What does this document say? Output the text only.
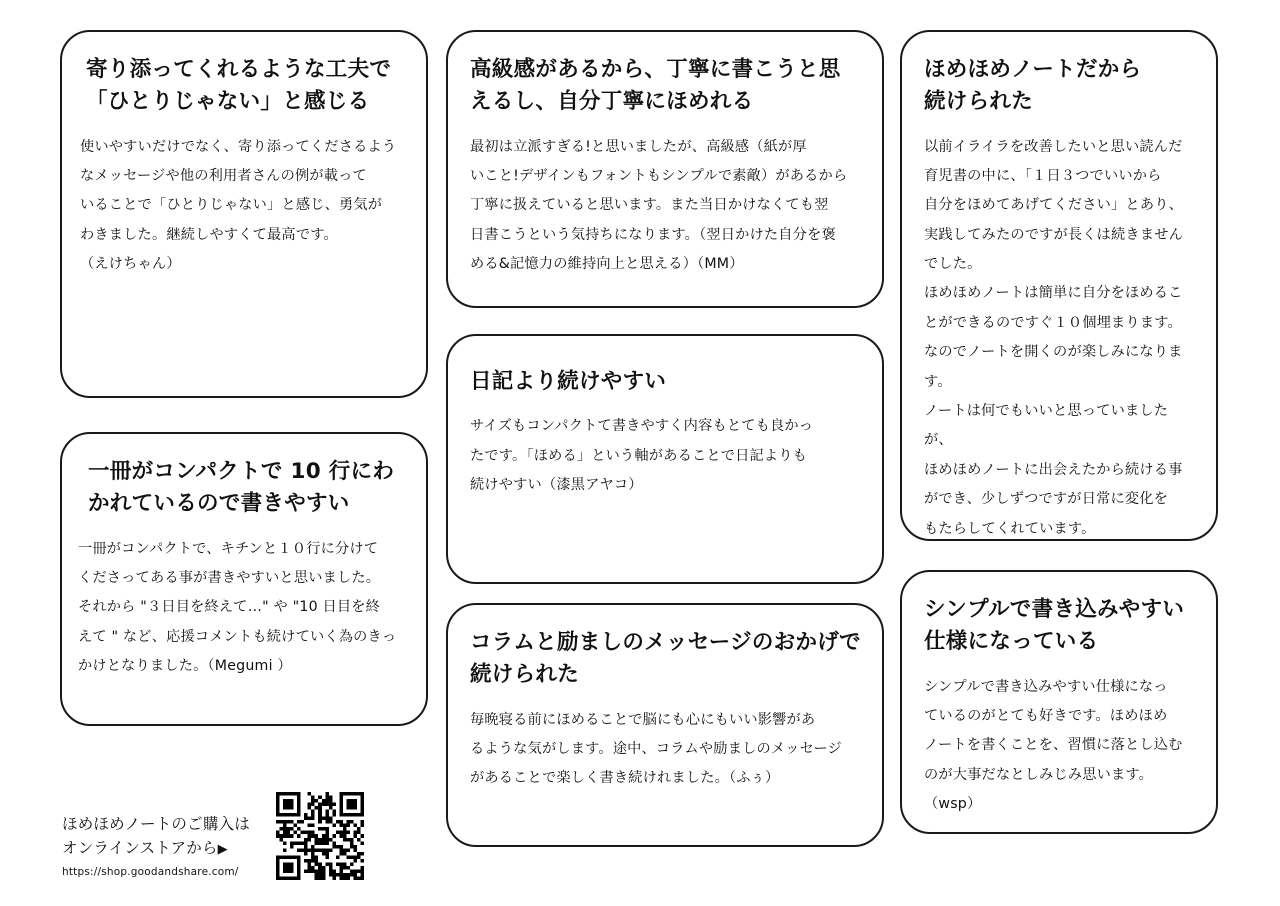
寄り添ってくれるような工夫で
「ひとりじゃない」と感じる

使いやすいだけでなく、寄り添ってくださるよう
なメッセージや他の利用者さんの例が載って
いることで「ひとりじゃない」と感じ、勇気が
わきました。継続しやすくて最高です。
（えけちゃん）

高級感があるから、丁寧に書こうと思
えるし、自分丁寧にほめれる

最初は立派すぎる!と思いましたが、高級感（紙が厚
いこと!デザインもフォントもシンプルで素敵）があるから
丁寧に扱えていると思います。また当日かけなくても翌
日書こうという気持ちになります。（翌日かけた自分を褒
める&記憶力の維持向上と思える）（MM）

ほめほめノートだから
続けられた

以前イライラを改善したいと思い読んだ
育児書の中に、「１日３つでいいから
自分をほめてあげてください」とあり、
実践してみたのですが長くは続きません
でした。
ほめほめノートは簡単に自分をほめるこ
とができるのですぐ１０個埋まります。
なのでノートを開くのが楽しみになりま
す。
ノートは何でもいいと思っていましたが、
ほめほめノートに出会えたから続ける事
ができ、少しずつですが日常に変化を
もたらしてくれています。

一冊がコンパクトで 10 行にわ
かれているので書きやすい

一冊がコンパクトで、キチンと１０行に分けて
くださってある事が書きやすいと思いました。
それから "３日目を終えて…" や "10 日目を終
えて " など、応援コメントも続けていく為のきっ
かけとなりました。（Megumi ）

日記より続けやすい

サイズもコンパクトて書きやすく内容もとても良かっ
たです。「ほめる」という軸があることで日記よりも
続けやすい（漆黒アヤコ）

コラムと励ましのメッセージのおかげで
続けられた

毎晩寝る前にほめることで脳にも心にもいい影響があ
るような気がします。途中、コラムや励ましのメッセージ
があることで楽しく書き続けれました。（ふぅ）

シンプルで書き込みやすい
仕様になっている

シンプルで書き込みやすい仕様になっ
ているのがとても好きです。ほめほめ
ノートを書くことを、習慣に落とし込む
のが大事だなとしみじみ思います。
（wsp）

ほめほめノートのご購入は
オンラインストアから▶
https://shop.goodandshare.com/
